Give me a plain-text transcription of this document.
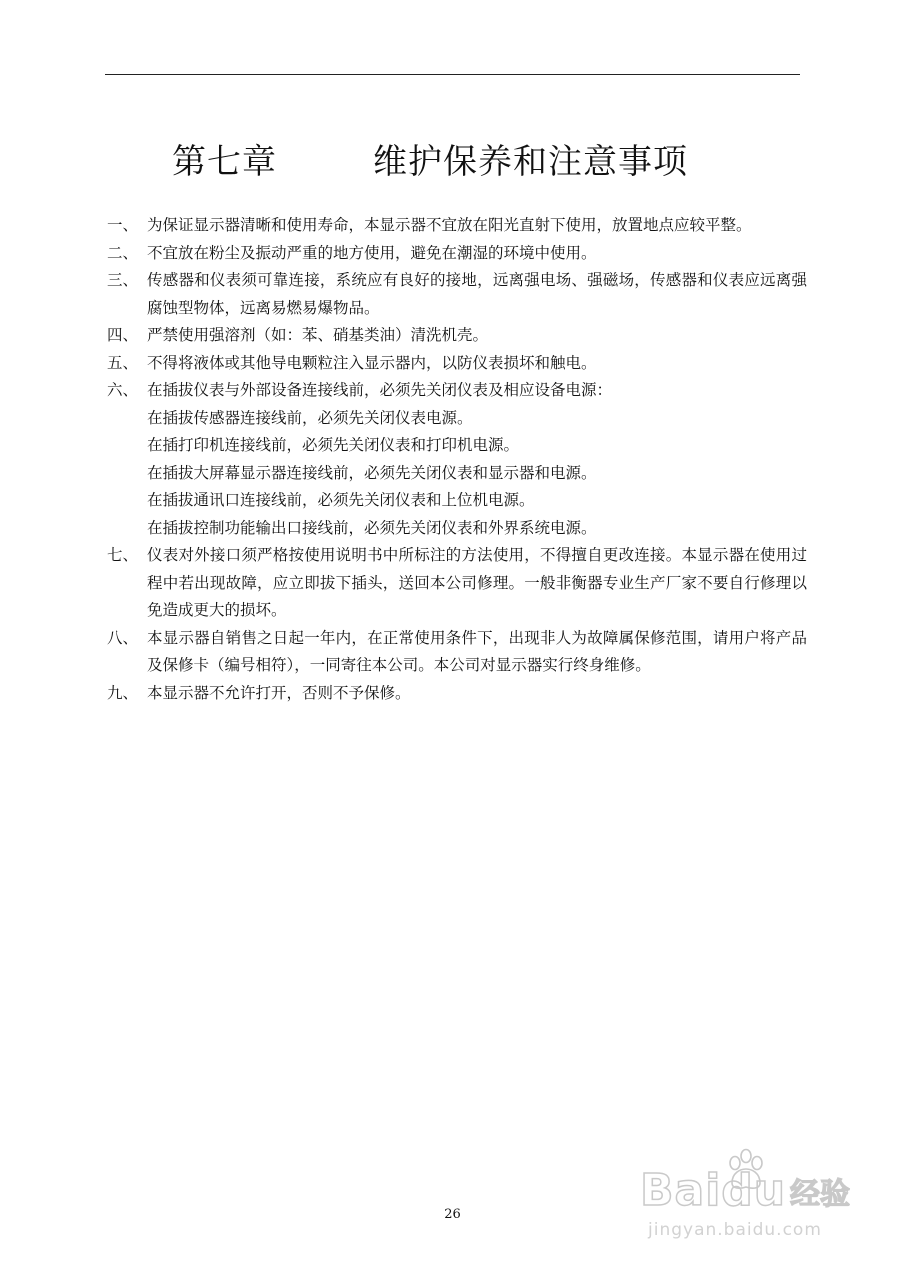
第七章	维护保养和注意事项
一、 为保证显示器清晰和使用寿命，本显示器不宜放在阳光直射下使用，放置地点应较平整。
二、 不宜放在粉尘及振动严重的地方使用，避免在潮湿的环境中使用。
三、 传感器和仪表须可靠连接，系统应有良好的接地，远离强电场、强磁场，传感器和仪表应远离强腐蚀型物体，远离易燃易爆物品。
四、 严禁使用强溶剂（如：苯、硝基类油）清洗机壳。
五、 不得将液体或其他导电颗粒注入显示器内，以防仪表损坏和触电。
六、 在插拔仪表与外部设备连接线前，必须先关闭仪表及相应设备电源：
在插拔传感器连接线前，必须先关闭仪表电源。
在插打印机连接线前，必须先关闭仪表和打印机电源。
在插拔大屏幕显示器连接线前，必须先关闭仪表和显示器和电源。
在插拔通讯口连接线前，必须先关闭仪表和上位机电源。
在插拔控制功能输出口接线前，必须先关闭仪表和外界系统电源。
七、 仪表对外接口须严格按使用说明书中所标注的方法使用，不得擅自更改连接。本显示器在使用过程中若出现故障，应立即拔下插头，送回本公司修理。一般非衡器专业生产厂家不要自行修理以免造成更大的损坏。
八、 本显示器自销售之日起一年内，在正常使用条件下，出现非人为故障属保修范围，请用户将产品及保修卡（编号相符），一同寄往本公司。本公司对显示器实行终身维修。
九、 本显示器不允许打开，否则不予保修。
26	Baidu 经验
jingyan.baidu.com
